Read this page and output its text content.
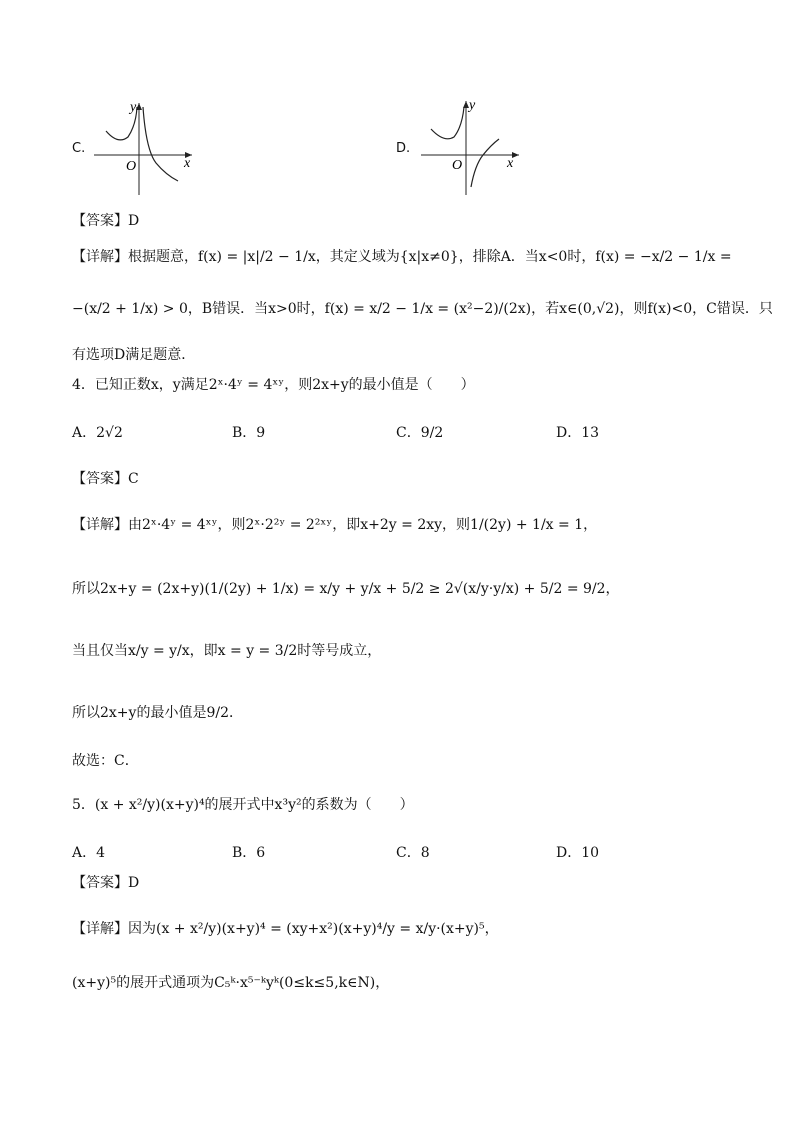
C.
y
x
O
D.
y
x
O
【答案】D
【详解】根据题意，f(x) = |x|/2 − 1/x，其定义域为{x|x≠0}，排除A．当x<0时，f(x) = −x/2 − 1/x =
−(x/2 + 1/x) > 0，B错误．当x>0时，f(x) = x/2 − 1/x = (x²−2)/(2x)，若x∈(0,√2)，则f(x)<0，C错误．只
有选项D满足题意．
4．已知正数x，y满足2ˣ·4ʸ = 4ˣʸ，则2x+y的最小值是（　　）
A．2√2	B．9	C．9/2	D．13
【答案】C
【详解】由2ˣ·4ʸ = 4ˣʸ，则2ˣ·2²ʸ = 2²ˣʸ，即x+2y = 2xy，则1/(2y) + 1/x = 1，
所以2x+y = (2x+y)(1/(2y) + 1/x) = x/y + y/x + 5/2 ≥ 2√(x/y·y/x) + 5/2 = 9/2，
当且仅当x/y = y/x，即x = y = 3/2时等号成立，
所以2x+y的最小值是9/2．
故选：C．
5．(x + x²/y)(x+y)⁴的展开式中x³y²的系数为（　　）
A．4	B．6	C．8	D．10
【答案】D
【详解】因为(x + x²/y)(x+y)⁴ = (xy+x²)(x+y)⁴/y = x/y·(x+y)⁵，
(x+y)⁵的展开式通项为C₅ᵏ·x⁵⁻ᵏyᵏ(0≤k≤5,k∈N)，
